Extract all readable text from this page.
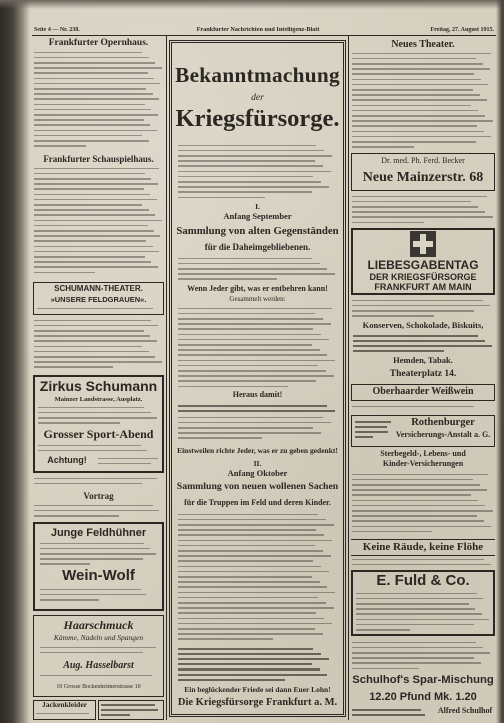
Seite 4 — Nr. 238.	Frankfurter Nachrichten und Intelligenz-Blatt	Freitag, 27. August 1915.
Frankfurter Opernhaus.
Frankfurter Schauspielhaus.
SCHUMANN-THEATER.
»UNSERE FELDGRAUEN«.
Zirkus Schumann
Mainzer Landstrasse, Ausplatz.
Grosser Sport-Abend
Achtung!
Vortrag
Junge Feldhühner
Wein-Wolf
Haarschmuck
Kämme, Nadeln und Spangen
Aug. Hasselbarst
10 Grosse Bockenheimerstrasse 10
Jackenkleider
Bekanntmachung
der
Kriegsfürsorge.
I.
Anfang September
Sammlung von alten Gegenständen
für die Daheimgebliebenen.
Wenn Jeder gibt, was er entbehren kann!
Gesammelt werden:
Heraus damit!
Einstweilen richte Jeder, was er zu geben gedenkt!
II.
Anfang Oktober
Sammlung von neuen wollenen Sachen
für die Truppen im Feld und deren Kinder.
Ein beglückender Friede sei dann Euer Lohn!
Die Kriegsfürsorge Frankfurt a. M.
Neues Theater.
Dr. med. Ph. Ferd. Becker
Neue Mainzerstr. 68
LIEBESGABENTAG
DER KRIEGSFÜRSORGE
FRANKFURT AM MAIN
Konserven, Schokolade, Biskuits,
Hemden, Tabak.
Theaterplatz 14.
Oberhaarder Weißwein
Rothenburger
Versicherungs-Anstalt a. G.
Sterbegeld-, Lebens- und
Kinder-Versicherungen
Keine Räude, keine Flöhe
E. Fuld & Co.
Schulhof's Spar-Mischung
12.20 Pfund Mk. 1.20
Alfred Schulhof
